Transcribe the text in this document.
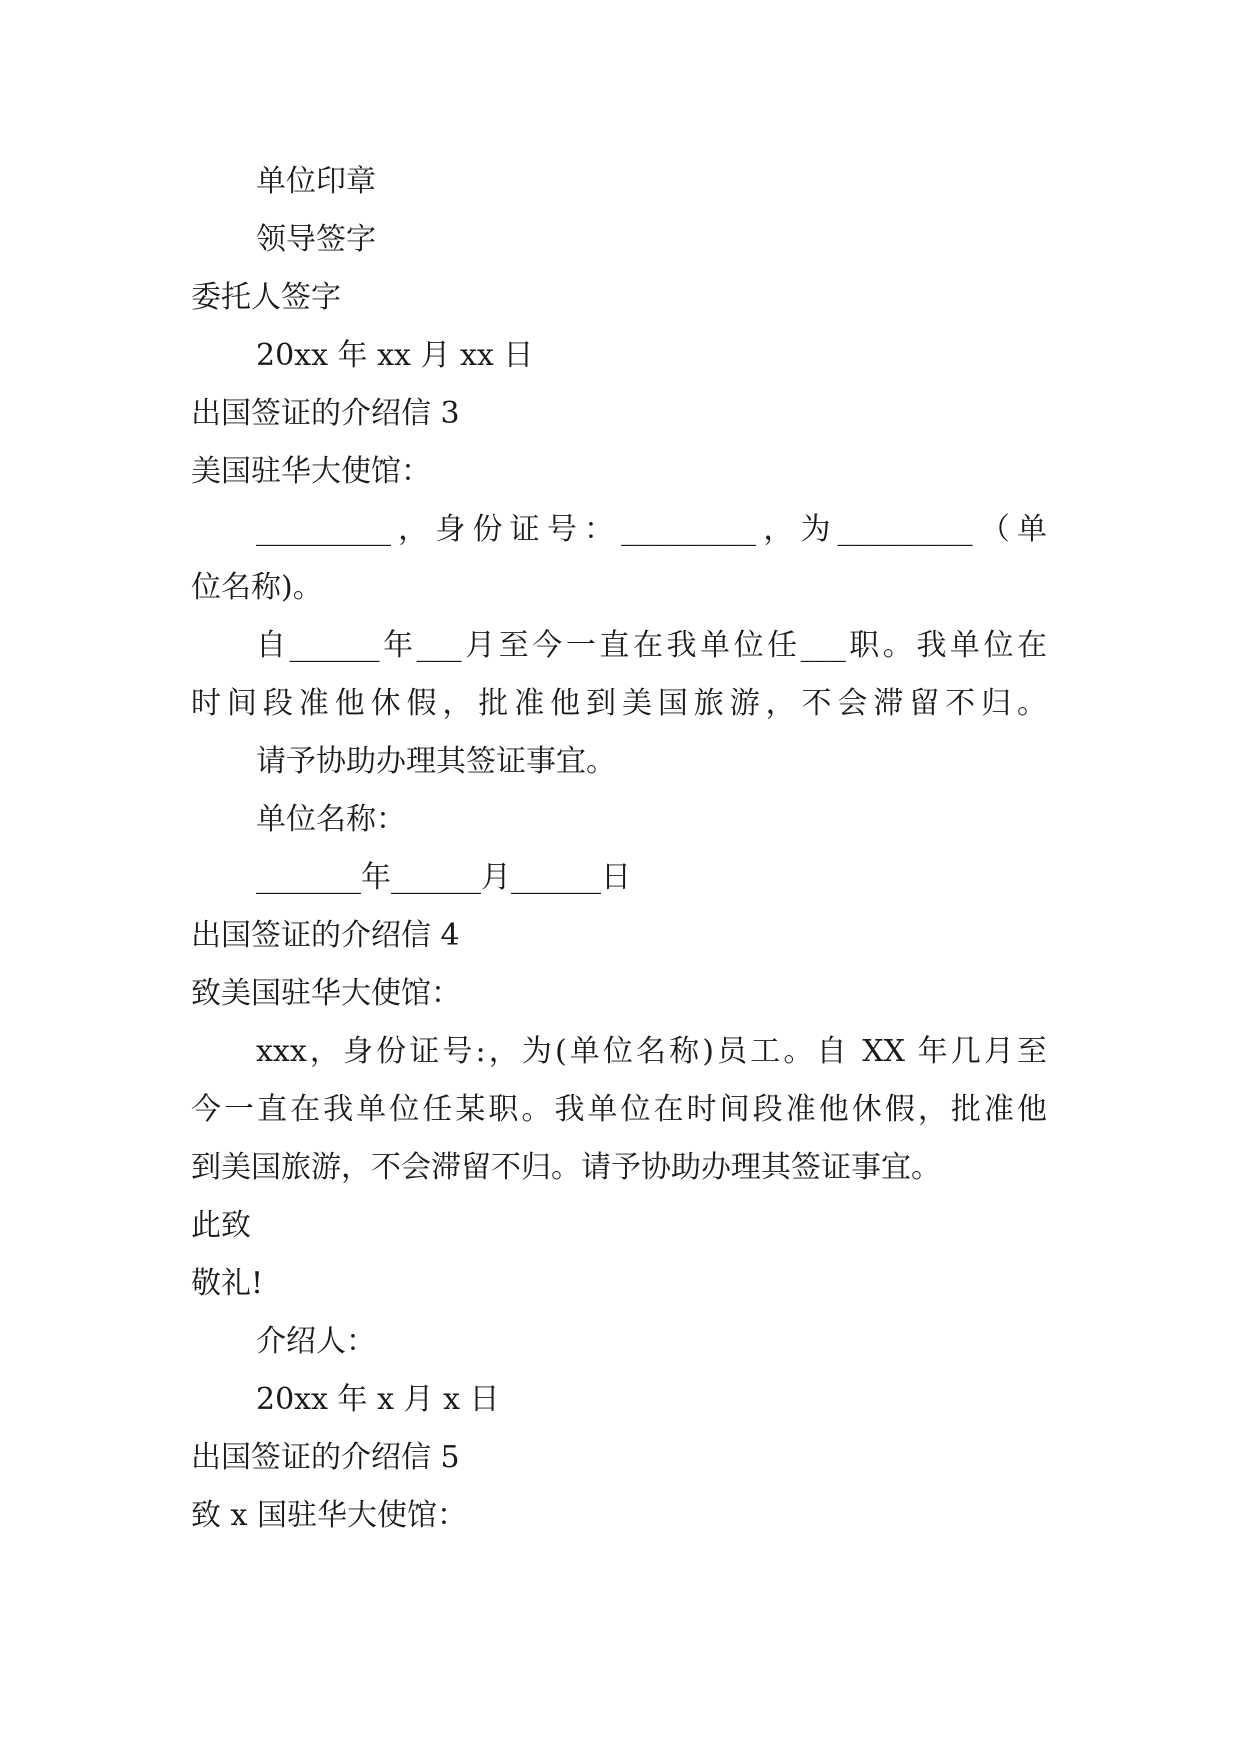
单位印章
领导签字
委托人签字
20xx 年 xx 月 xx 日
出国签证的介绍信 3
美国驻华大使馆：
_________，身份证号：_________，为_________（单
位名称)。
自______年___月至今一直在我单位任___职。我单位在
时间段准他休假，批准他到美国旅游，不会滞留不归。
请予协助办理其签证事宜。
单位名称：
_______年______月______日
出国签证的介绍信 4
致美国驻华大使馆：
xxx，身份证号:，为(单位名称)员工。自 XX 年几月至
今一直在我单位任某职。我单位在时间段准他休假，批准他
到美国旅游，不会滞留不归。请予协助办理其签证事宜。
此致
敬礼!
介绍人：
20xx 年 x 月 x 日
出国签证的介绍信 5
致 x 国驻华大使馆：
